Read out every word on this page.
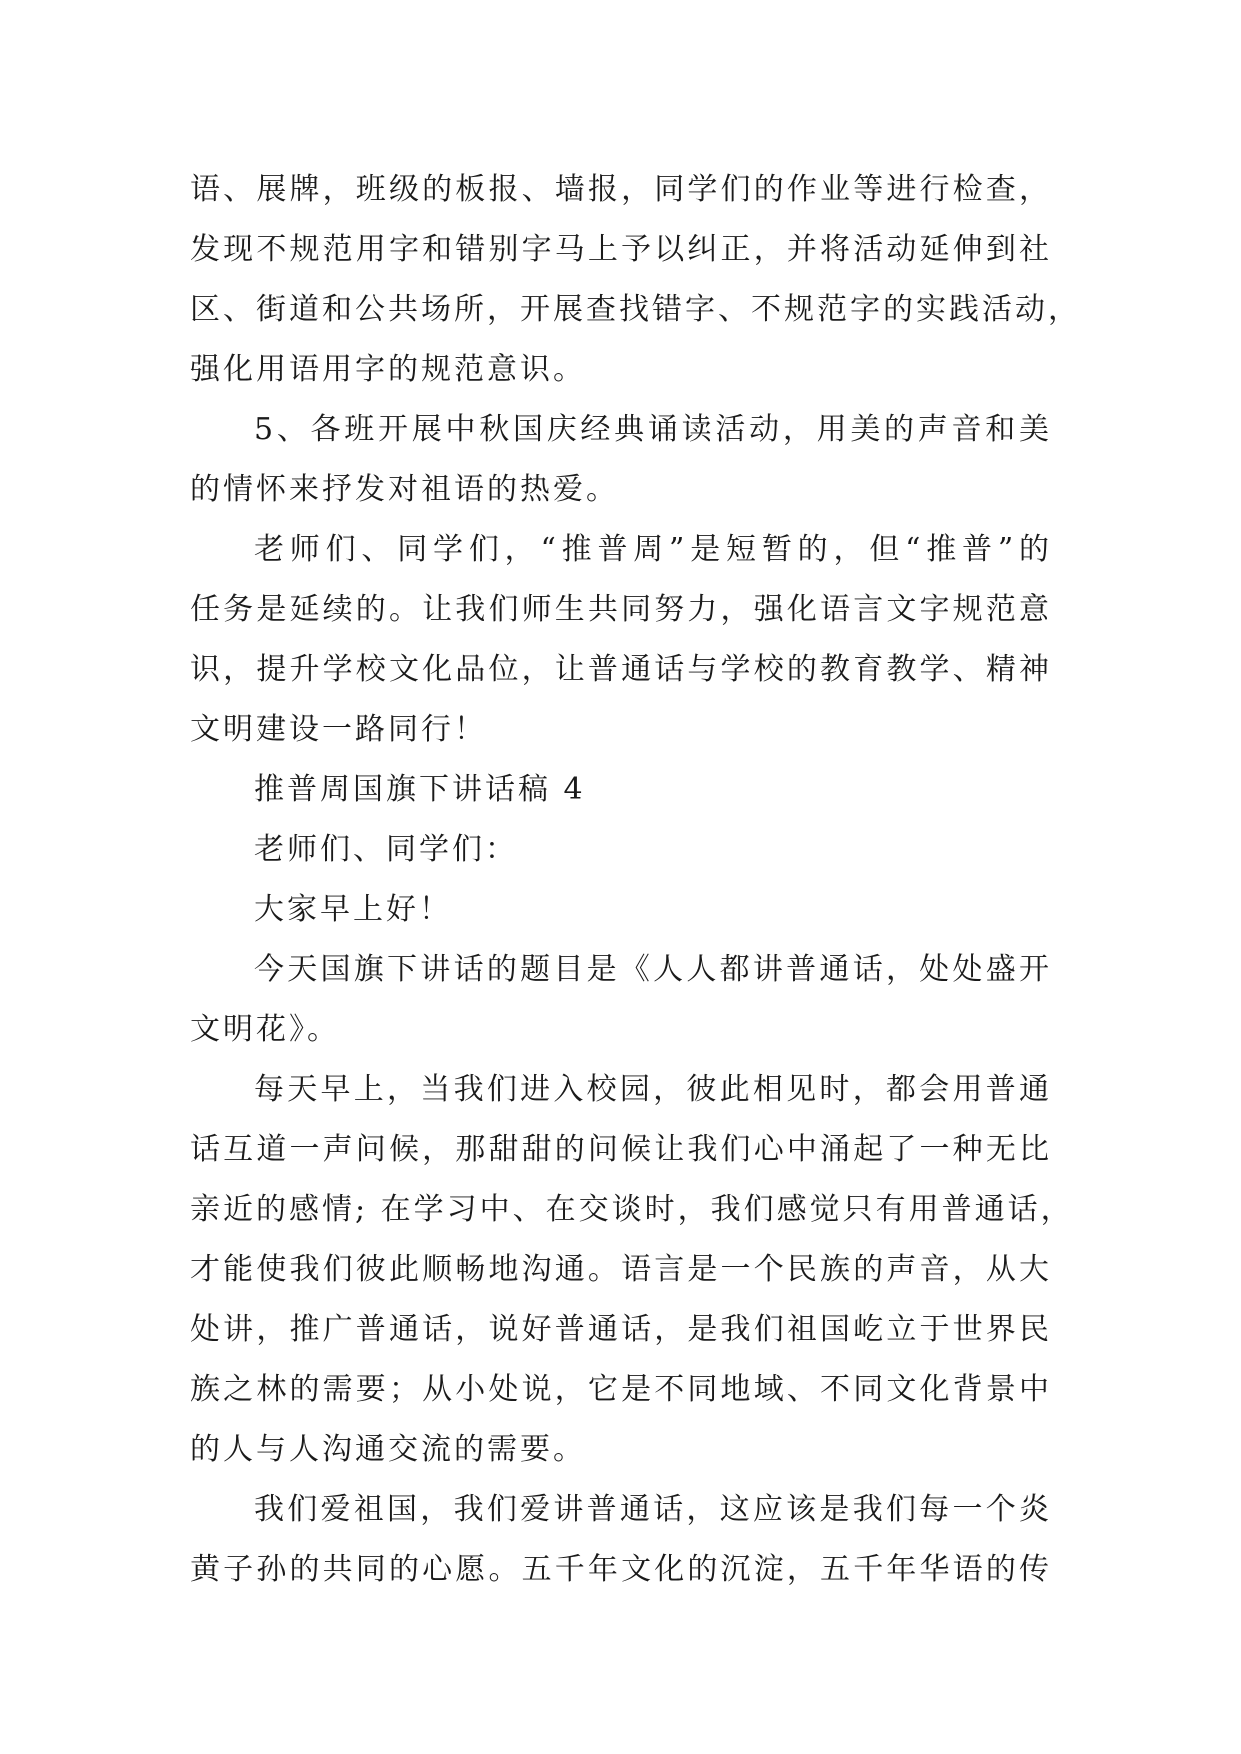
语、展牌，班级的板报、墙报，同学们的作业等进行检查，
发现不规范用字和错别字马上予以纠正，并将活动延伸到社
区、街道和公共场所，开展查找错字、不规范字的实践活动，
强化用语用字的规范意识。
5、各班开展中秋国庆经典诵读活动，用美的声音和美
的情怀来抒发对祖语的热爱。
老师们、同学们，“推普周”是短暂的，但“推普”的
任务是延续的。让我们师生共同努力，强化语言文字规范意
识，提升学校文化品位，让普通话与学校的教育教学、精神
文明建设一路同行！
推普周国旗下讲话稿 4
老师们、同学们：
大家早上好！
今天国旗下讲话的题目是《人人都讲普通话，处处盛开
文明花》。
每天早上，当我们进入校园，彼此相见时，都会用普通
话互道一声问候，那甜甜的问候让我们心中涌起了一种无比
亲近的感情; 在学习中、在交谈时，我们感觉只有用普通话，
才能使我们彼此顺畅地沟通。语言是一个民族的声音，从大
处讲，推广普通话，说好普通话，是我们祖国屹立于世界民
族之林的需要；从小处说，它是不同地域、不同文化背景中
的人与人沟通交流的需要。
我们爱祖国，我们爱讲普通话，这应该是我们每一个炎
黄子孙的共同的心愿。五千年文化的沉淀，五千年华语的传
